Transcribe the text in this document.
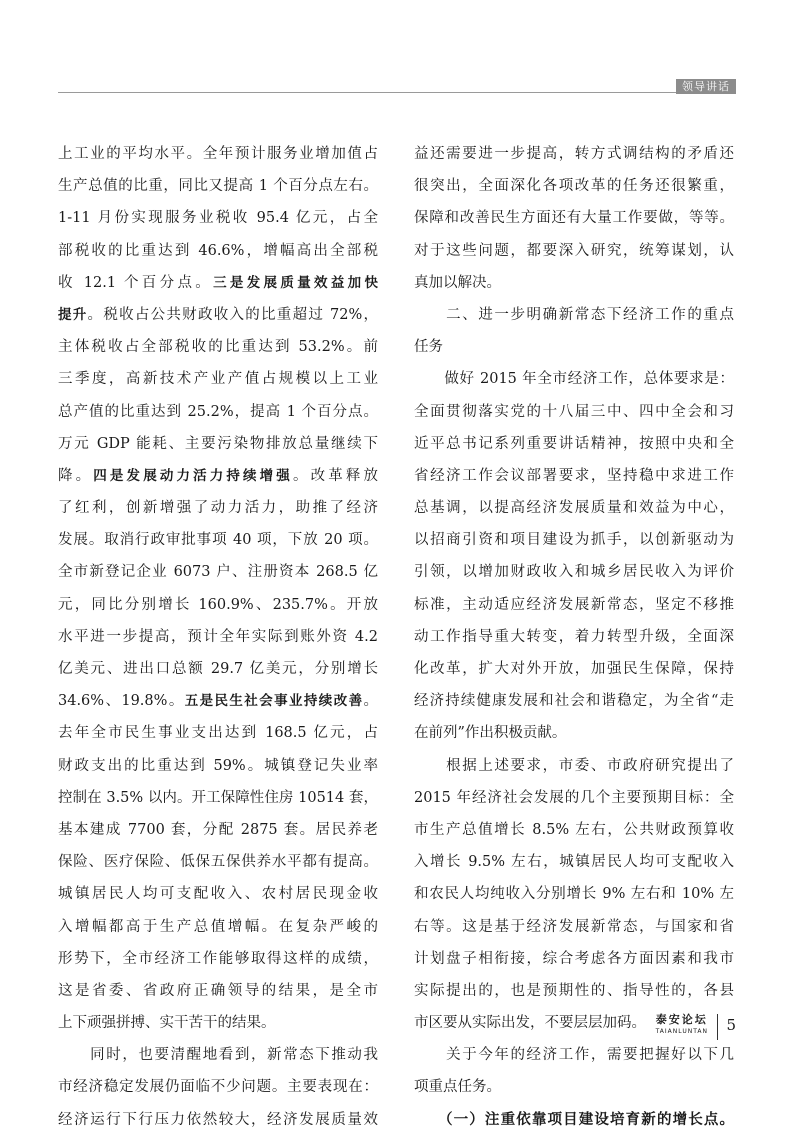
领导讲话
上工业的平均水平。全年预计服务业增加值占
生产总值的比重，同比又提高 1 个百分点左右。
1-11 月份实现服务业税收 95.4 亿元，占全
部税收的比重达到 46.6%，增幅高出全部税
收 12.1 个百分点。三是发展质量效益加快
提升。税收占公共财政收入的比重超过 72%，
主体税收占全部税收的比重达到 53.2%。前
三季度，高新技术产业产值占规模以上工业
总产值的比重达到 25.2%，提高 1 个百分点。
万元 GDP 能耗、主要污染物排放总量继续下
降。四是发展动力活力持续增强。改革释放
了红利，创新增强了动力活力，助推了经济
发展。取消行政审批事项 40 项，下放 20 项。
全市新登记企业 6073 户、注册资本 268.5 亿
元，同比分别增长 160.9%、235.7%。开放
水平进一步提高，预计全年实际到账外资 4.2
亿美元、进出口总额 29.7 亿美元，分别增长
34.6%、19.8%。五是民生社会事业持续改善。
去年全市民生事业支出达到 168.5 亿元，占
财政支出的比重达到 59%。城镇登记失业率
控制在 3.5% 以内。开工保障性住房 10514 套，
基本建成 7700 套，分配 2875 套。居民养老
保险、医疗保险、低保五保供养水平都有提高。
城镇居民人均可支配收入、农村居民现金收
入增幅都高于生产总值增幅。在复杂严峻的
形势下，全市经济工作能够取得这样的成绩，
这是省委、省政府正确领导的结果，是全市
上下顽强拼搏、实干苦干的结果。
　　同时，也要清醒地看到，新常态下推动我
市经济稳定发展仍面临不少问题。主要表现在：
经济运行下行压力依然较大，经济发展质量效
益还需要进一步提高，转方式调结构的矛盾还
很突出，全面深化各项改革的任务还很繁重，
保障和改善民生方面还有大量工作要做，等等。
对于这些问题，都要深入研究，统筹谋划，认
真加以解决。
　　二、进一步明确新常态下经济工作的重点
任务
　　做好 2015 年全市经济工作，总体要求是：
全面贯彻落实党的十八届三中、四中全会和习
近平总书记系列重要讲话精神，按照中央和全
省经济工作会议部署要求，坚持稳中求进工作
总基调，以提高经济发展质量和效益为中心，
以招商引资和项目建设为抓手，以创新驱动为
引领，以增加财政收入和城乡居民收入为评价
标准，主动适应经济发展新常态，坚定不移推
动工作指导重大转变，着力转型升级，全面深
化改革，扩大对外开放，加强民生保障，保持
经济持续健康发展和社会和谐稳定，为全省“走
在前列”作出积极贡献。
　　根据上述要求，市委、市政府研究提出了
2015 年经济社会发展的几个主要预期目标：全
市生产总值增长 8.5% 左右，公共财政预算收
入增长 9.5% 左右，城镇居民人均可支配收入
和农民人均纯收入分别增长 9% 左右和 10% 左
右等。这是基于经济发展新常态，与国家和省
计划盘子相衔接，综合考虑各方面因素和我市
实际提出的，也是预期性的、指导性的，各县
市区要从实际出发，不要层层加码。
　　关于今年的经济工作，需要把握好以下几
项重点任务。
　　（一）注重依靠项目建设培育新的增长点。
泰安论坛
TAIANLUNTAN 5
